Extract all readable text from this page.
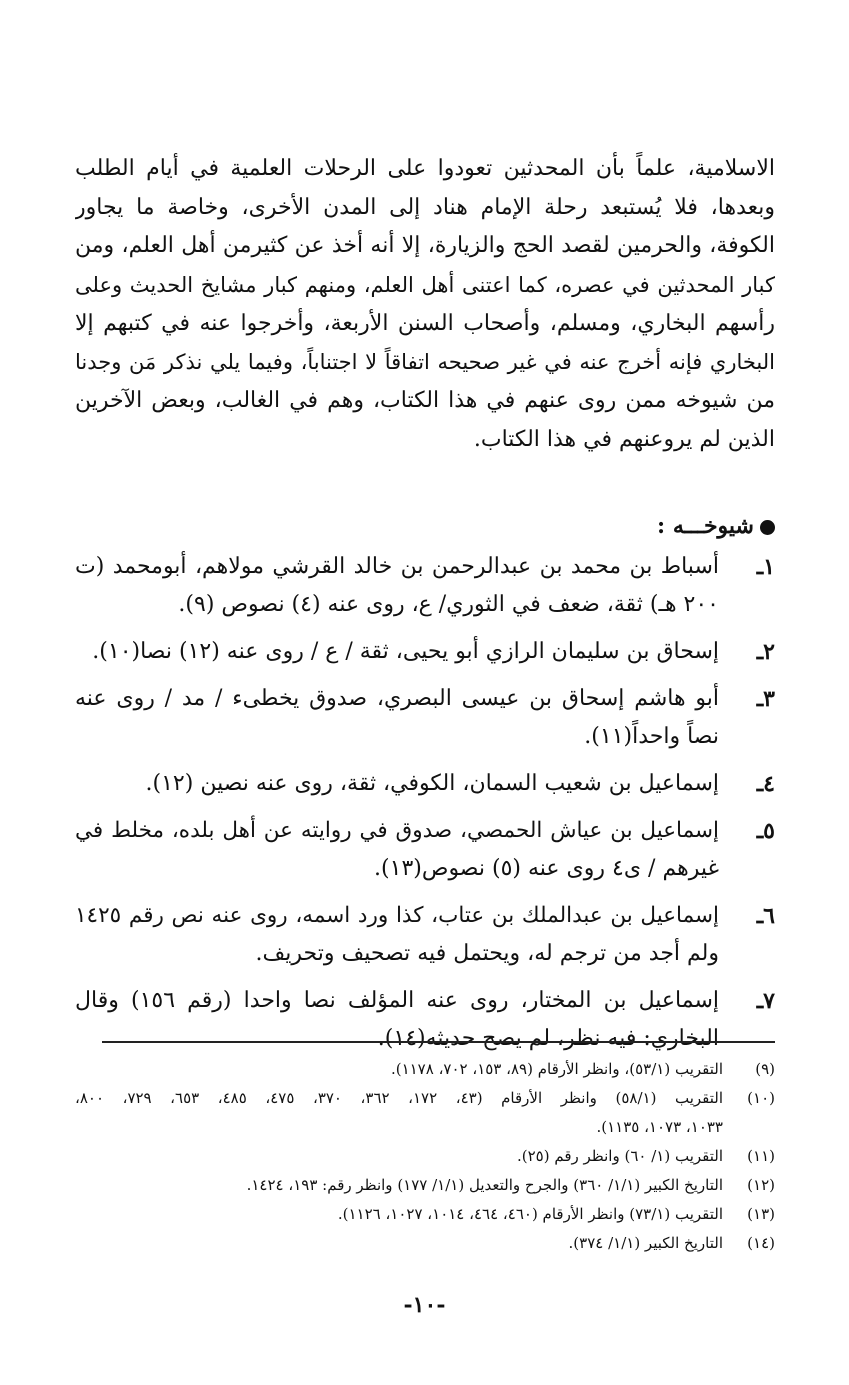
الاسلامية، علماً بأن المحدثين تعودوا على الرحلات العلمية في أيام الطلب
وبعدها، فلا يُستبعد رحلة الإمام هناد إلى المدن الأخرى، وخاصة ما يجاور
الكوفة، والحرمين لقصد الحج والزيارة، إلا أنه أخذ عن كثيرمن أهل العلم، ومن
كبار المحدثين في عصره، كما اعتنى أهل العلم، ومنهم كبار مشايخ الحديث وعلى
رأسهم البخاري، ومسلم، وأصحاب السنن الأربعة، وأخرجوا عنه في كتبهم إلا
البخاري فإنه أخرج عنه في غير صحيحه اتفاقاً لا اجتناباً، وفيما يلي نذكر مَن وجدنا
من شيوخه ممن روى عنهم في هذا الكتاب، وهم في الغالب، وبعض الآخرين
الذين لم يروعنهم في هذا الكتاب.
شيوخـــه :
١ـ
أسباط بن محمد بن عبدالرحمن بن خالد القرشي مولاهم، أبومحمد (ت
٢٠٠ هـ) ثقة، ضعف في الثوري/ ع، روى عنه (٤) نصوص (٩).
٢ـ
إسحاق بن سليمان الرازي أبو يحيى، ثقة / ع / روى عنه (١٢) نصا(١٠).
٣ـ
أبو هاشم إسحاق بن عيسى البصري، صدوق يخطىء / مد / روى عنه
نصاً واحداً(١١).
٤ـ
إسماعيل بن شعيب السمان، الكوفي، ثقة، روى عنه نصين (١٢).
٥ـ
إسماعيل بن عياش الحمصي، صدوق في روايته عن أهل بلده، مخلط في
غيرهم / ى٤ روى عنه (٥) نصوص(١٣).
٦ـ
إسماعيل بن عبدالملك بن عتاب، كذا ورد اسمه، روى عنه نص رقم ١٤٢٥
ولم أجد من ترجم له، ويحتمل فيه تصحيف وتحريف.
٧ـ
إسماعيل بن المختار، روى عنه المؤلف نصا واحدا (رقم ١٥٦) وقال
البخاري: فيه نظر، لم يصح حديثه(١٤).
(٩)
التقريب (٥٣/١)، وانظر الأرقام (٨٩، ١٥٣، ٧٠٢، ١١٧٨).
(١٠)
التقريب (٥٨/١) وانظر الأرقام (٤٣، ١٧٢، ٣٦٢، ٣٧٠، ٤٧٥، ٤٨٥، ٦٥٣، ٧٢٩، ٨٠٠،
١٠٣٣، ١٠٧٣، ١١٣٥).
(١١)
التقريب (١/ ٦٠) وانظر رقم (٢٥).
(١٢)
التاريخ الكبير (١/١/ ٣٦٠) والجرح والتعديل (١/١/ ١٧٧) وانظر رقم: ١٩٣، ١٤٢٤.
(١٣)
التقريب (٧٣/١) وانظر الأرقام (٤٦٠، ٤٦٤، ١٠١٤، ١٠٢٧، ١١٢٦).
(١٤)
التاريخ الكبير (١/١/ ٣٧٤).
-١٠-
